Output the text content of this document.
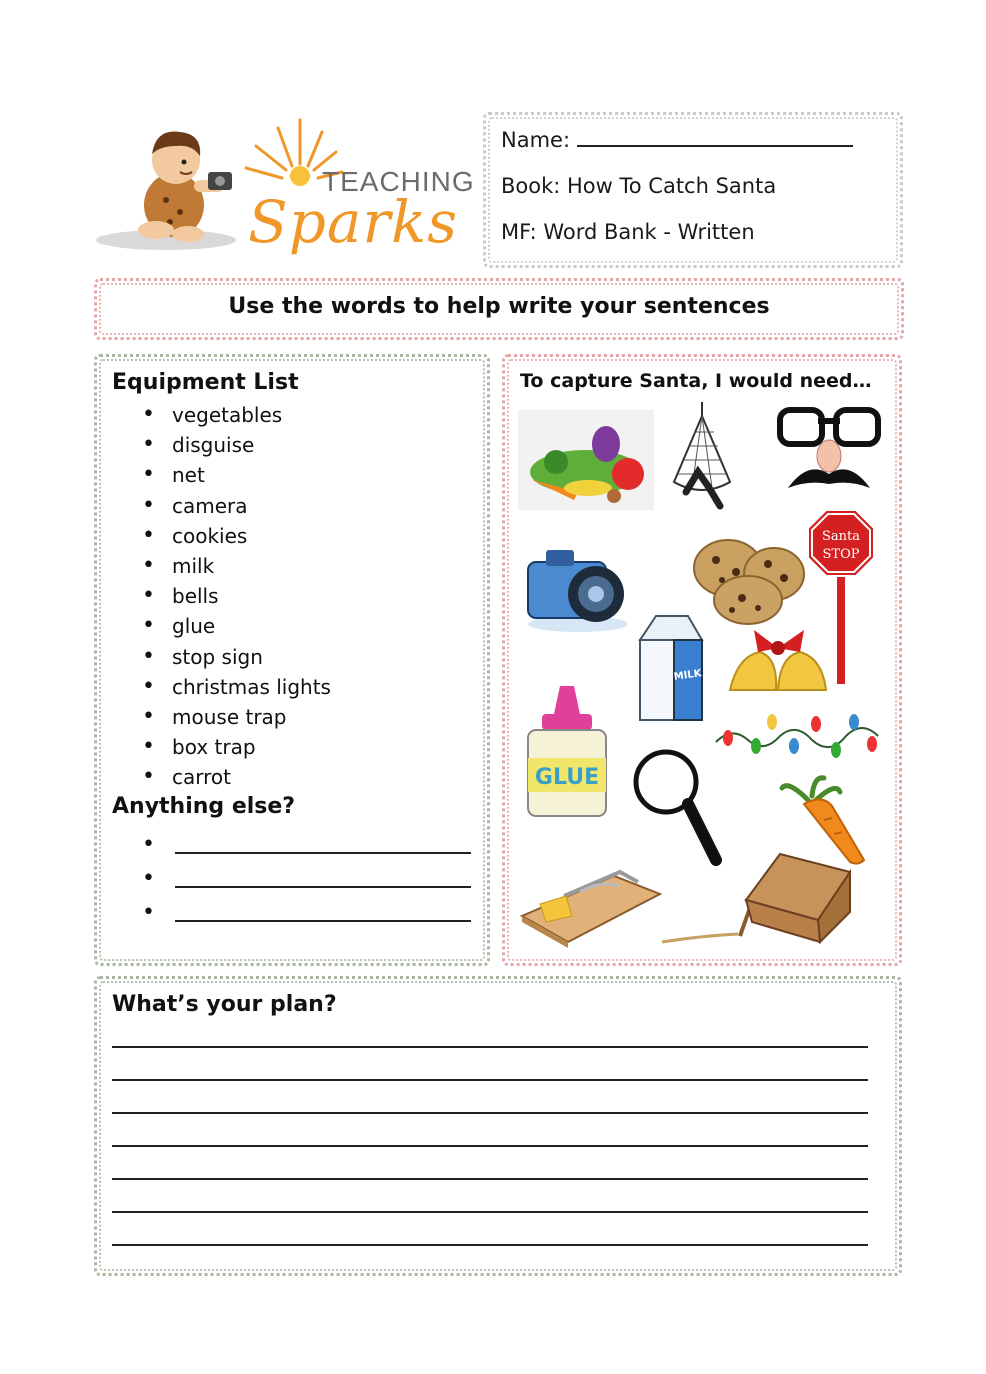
TEACHING
Sparks
Name:
Book: How To Catch Santa
MF: Word Bank - Written
Use the words to help write your sentences
Equipment List
• vegetables
• disguise
• net
• camera
• cookies
• milk
• bells
• glue
• stop sign
• christmas lights
• mouse trap
• box trap
• carrot
Anything else?
•
•
•
To capture Santa, I would need…
Santa
STOP
MILK
GLUE
What’s your plan?
